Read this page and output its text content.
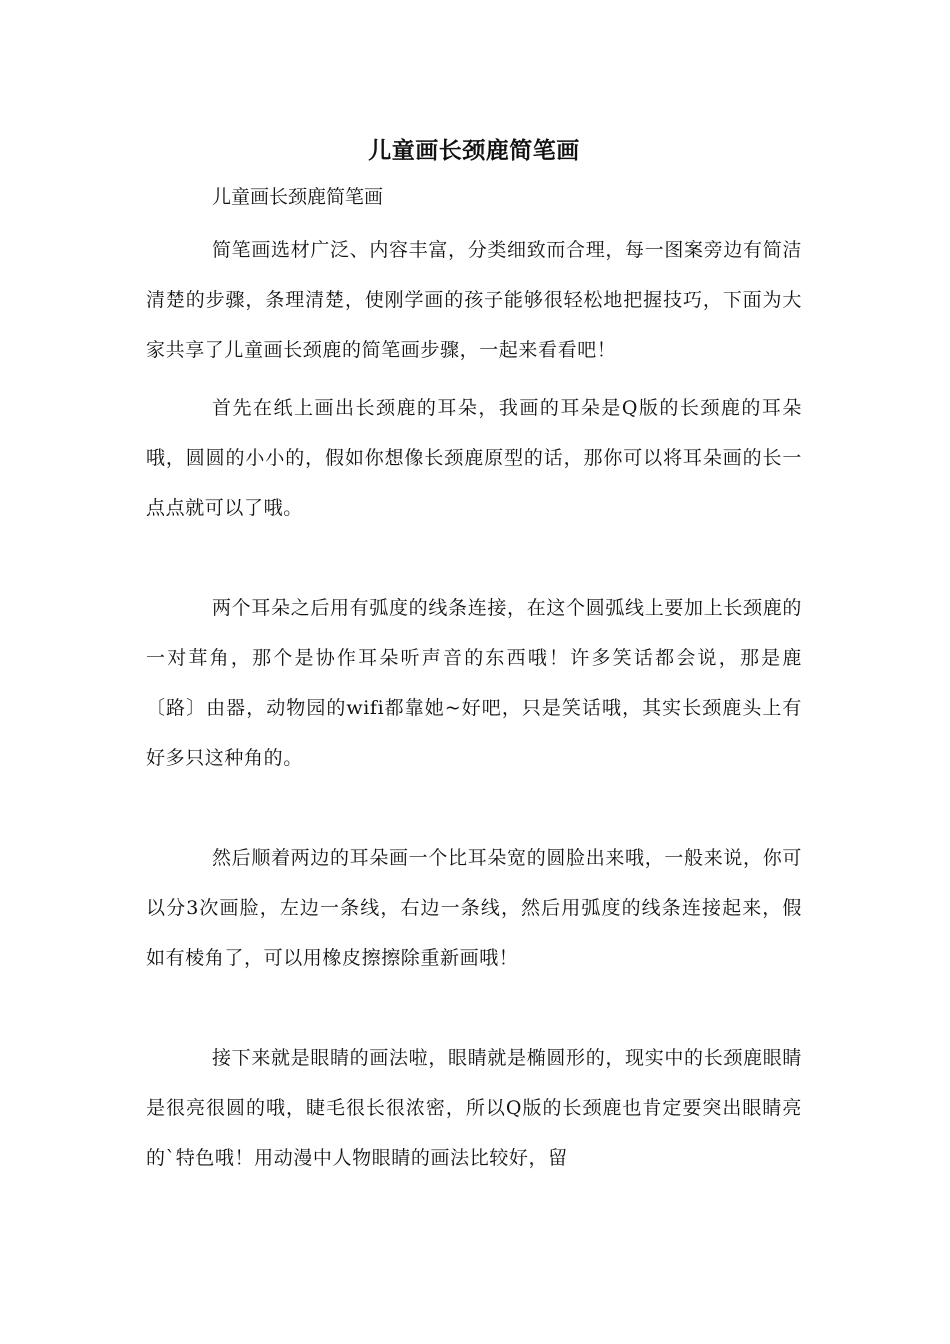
儿童画长颈鹿简笔画

儿童画长颈鹿简笔画

简笔画选材广泛、内容丰富，分类细致而合理，每一图案旁边有简洁清楚的步骤，条理清楚，使刚学画的孩子能够很轻松地把握技巧，下面为大家共享了儿童画长颈鹿的简笔画步骤，一起来看看吧！

首先在纸上画出长颈鹿的耳朵，我画的耳朵是Q版的长颈鹿的耳朵哦，圆圆的小小的，假如你想像长颈鹿原型的话，那你可以将耳朵画的长一点点就可以了哦。

两个耳朵之后用有弧度的线条连接，在这个圆弧线上要加上长颈鹿的一对茸角，那个是协作耳朵听声音的东西哦！许多笑话都会说，那是鹿〔路〕由器，动物园的wifi都靠她~好吧，只是笑话哦，其实长颈鹿头上有好多只这种角的。

然后顺着两边的耳朵画一个比耳朵宽的圆脸出来哦，一般来说，你可以分3次画脸，左边一条线，右边一条线，然后用弧度的线条连接起来，假如有棱角了，可以用橡皮擦擦除重新画哦！

接下来就是眼睛的画法啦，眼睛就是椭圆形的，现实中的长颈鹿眼睛是很亮很圆的哦，睫毛很长很浓密，所以Q版的长颈鹿也肯定要突出眼睛亮的`特色哦！用动漫中人物眼睛的画法比较好，留
